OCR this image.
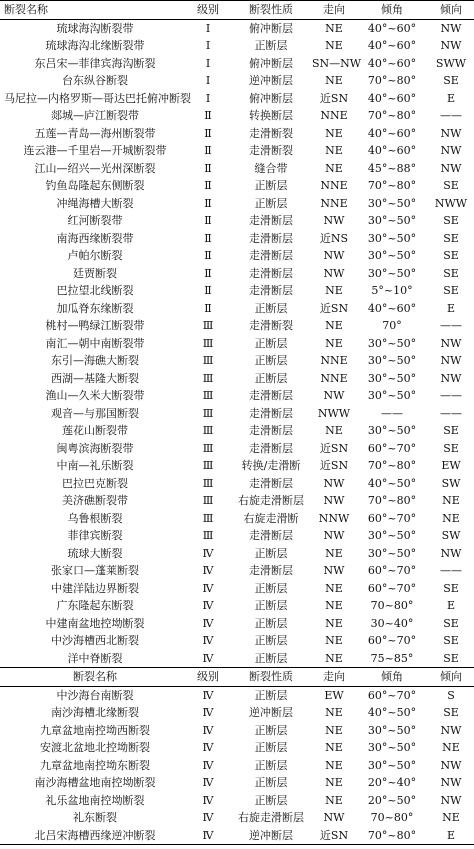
断裂名称	级别	断裂性质	走向	倾角	倾向
琉球海沟断裂带	Ⅰ	俯冲断层	NE	40°~60°	NW
琉球海沟北缘断裂带	Ⅰ	正断层	NE	40°~60°	NW
东吕宋—菲律宾海沟断裂	Ⅰ	俯冲断层	SN—NW	40°~60°	SWW
台东纵谷断裂	Ⅰ	逆冲断层	NE	70°~80°	SE
马尼拉—内格罗斯—哥达巴托俯冲断裂	Ⅰ	俯冲断层	近SN	40°~60°	E
郯城—庐江断裂带	Ⅱ	转换断层	NNE	70°~80°	——
五莲—青岛—海州断裂带	Ⅱ	走滑断裂	NE	40°~60°	NW
连云港—千里岩—开城断裂带	Ⅱ	走滑断裂	NE	40°~60°	NW
江山—绍兴—光州深断裂	Ⅱ	缝合带	NE	45°~88°	NW
钓鱼岛隆起东侧断裂	Ⅱ	正断层	NNE	70°~80°	SE
冲绳海槽大断裂	Ⅱ	正断层	NNE	30°~50°	NWW
红河断裂带	Ⅱ	走滑断层	NW	30°~50°	SE
南海西缘断裂带	Ⅱ	走滑断层	近NS	30°~50°	SE
卢帕尔断裂	Ⅱ	走滑断层	NW	30°~50°	SE
廷贾断裂	Ⅱ	走滑断层	NW	30°~50°	SE
巴拉望北线断裂	Ⅱ	走滑断层	NE	5°~10°	SE
加瓜脊东缘断裂	Ⅱ	正断层	近SN	40°~60°	E
桃村—鸭绿江断裂带	Ⅲ	走滑断裂	NE	70°	——
南汇—朝中南断裂带	Ⅲ	正断层	NE	30°~50°	NW
东引—海礁大断裂	Ⅲ	正断层	NNE	30°~50°	NW
西湖—基隆大断裂	Ⅲ	正断层	NNE	30°~50°	NW
渔山—久米大断裂带	Ⅲ	走滑断层	NW	30°~50°	——
观音—与那国断裂	Ⅲ	走滑断层	NWW	——	——
莲花山断裂带	Ⅲ	走滑断层	NE	30°~50°	SE
闽粤滨海断裂带	Ⅲ	走滑断层	近SN	60°~70°	SE
中南—礼乐断裂	Ⅲ	转换/走滑断	近SN	70°~80°	EW
巴拉巴克断裂	Ⅲ	走滑断层	NW	40°~50°	SW
美济礁断裂带	Ⅲ	右旋走滑断层	NW	70°~80°	NE
乌鲁根断裂	Ⅲ	右旋走滑断	NNW	60°~70°	NE
菲律宾断裂	Ⅲ	走滑断层	NW	30°~50°	SW
琉球大断裂	Ⅳ	正断层	NE	30°~50°	NW
张家口—蓬莱断裂	Ⅳ	走滑断层	NW	60°~70°	——
中建洋陆边界断裂	Ⅳ	正断层	NE	60°~70°	SE
广东隆起东断裂	Ⅳ	正断层	NE	70~80°	E
中建南盆地控坳断裂	Ⅳ	正断层	NE	30~40°	SE
中沙海槽西北断裂	Ⅳ	正断层	NE	60°~70°	SE
洋中脊断裂	Ⅳ	正断层	NE	75~85°	SE
断裂名称	级别	断裂性质	走向	倾角	倾向
中沙海台南断裂	Ⅳ	正断层	EW	60°~70°	S
南沙海槽北缘断裂	Ⅳ	逆冲断层	NE	40°~50°	SE
九章盆地南控坳西断裂	Ⅳ	正断层	NE	30°~50°	NW
安渡北盆地北控坳断裂	Ⅳ	正断层	NE	30°~50°	NE
九章盆地南控坳东断裂	Ⅳ	正断层	NE	30°~50°	NW
南沙海槽盆地南控坳断裂	Ⅳ	正断层	NE	20°~40°	NW
礼乐盆地南控坳断裂	Ⅳ	正断层	NE	20°~50°	NW
礼东断裂	Ⅳ	右旋走滑断层	NW	70~80°	NE
北吕宋海槽西缘逆冲断裂	Ⅳ	逆冲断层	近SN	70°~80°	E
